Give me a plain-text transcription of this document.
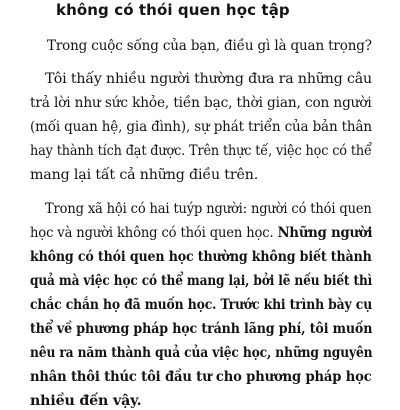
không có thói quen học tập
Trong cuộc sống của bạn, điều gì là quan trọng?
Tôi thấy nhiều người thường đưa ra những câu
trả lời như sức khỏe, tiền bạc, thời gian, con người
(mối quan hệ, gia đình), sự phát triển của bản thân
hay thành tích đạt được. Trên thực tế, việc học có thể
mang lại tất cả những điều trên.
Trong xã hội có hai tuýp người: người có thói quen
học và người không có thói quen học. Những người
không có thói quen học thường không biết thành
quả mà việc học có thể mang lại, bởi lẽ nếu biết thì
chắc chắn họ đã muốn học. Trước khi trình bày cụ
thể về phương pháp học tránh lãng phí, tôi muốn
nêu ra năm thành quả của việc học, những nguyên
nhân thôi thúc tôi đầu tư cho phương pháp học
nhiều đến vậy.
